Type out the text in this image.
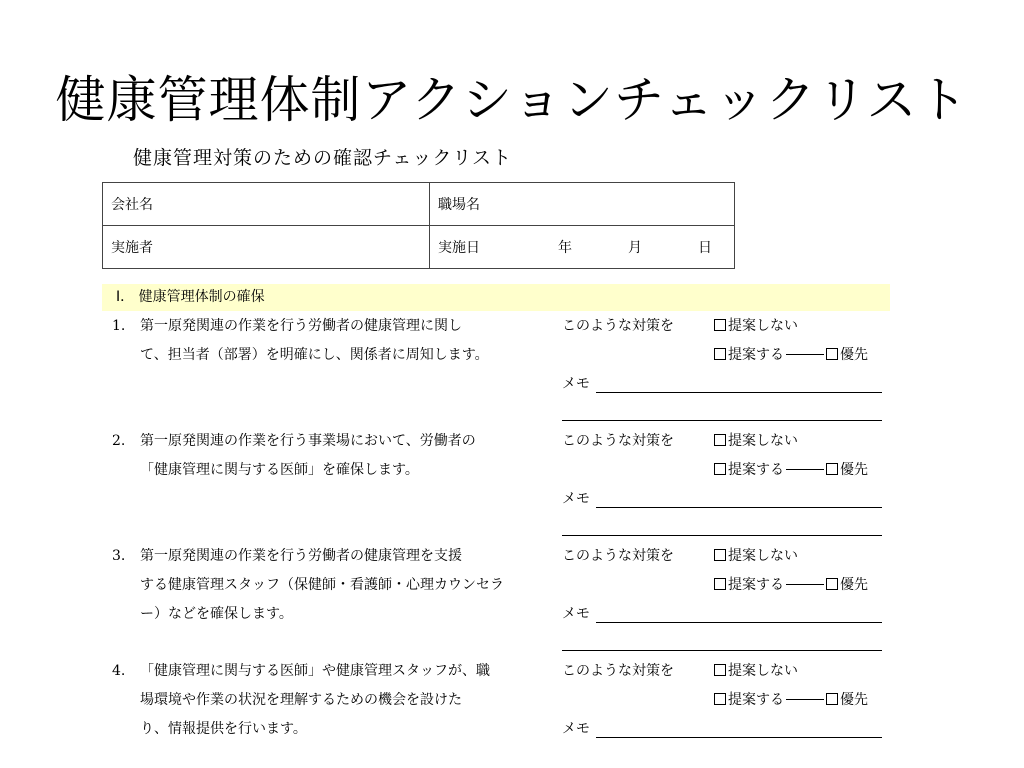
健康管理体制アクションチェックリスト
健康管理対策のための確認チェックリスト
会社名	職場名
実施者	実施日 年 月 日
Ⅰ． 健康管理体制の確保
1.	第一原発関連の作業を行う労働者の健康管理に関し
て、担当者（部署）を明確にし、関係者に周知します。
このような対策を	提案しない
提案する	優先
メモ
2.	第一原発関連の作業を行う事業場において、労働者の
「健康管理に関与する医師」を確保します。
このような対策を	提案しない
提案する	優先
メモ
3.	第一原発関連の作業を行う労働者の健康管理を支援
する健康管理スタッフ（保健師・看護師・心理カウンセラ
ー）などを確保します。
このような対策を	提案しない
提案する	優先
メモ
4.	「健康管理に関与する医師」や健康管理スタッフが、職
場環境や作業の状況を理解するための機会を設けた
り、情報提供を行います。
このような対策を	提案しない
提案する	優先
メモ
